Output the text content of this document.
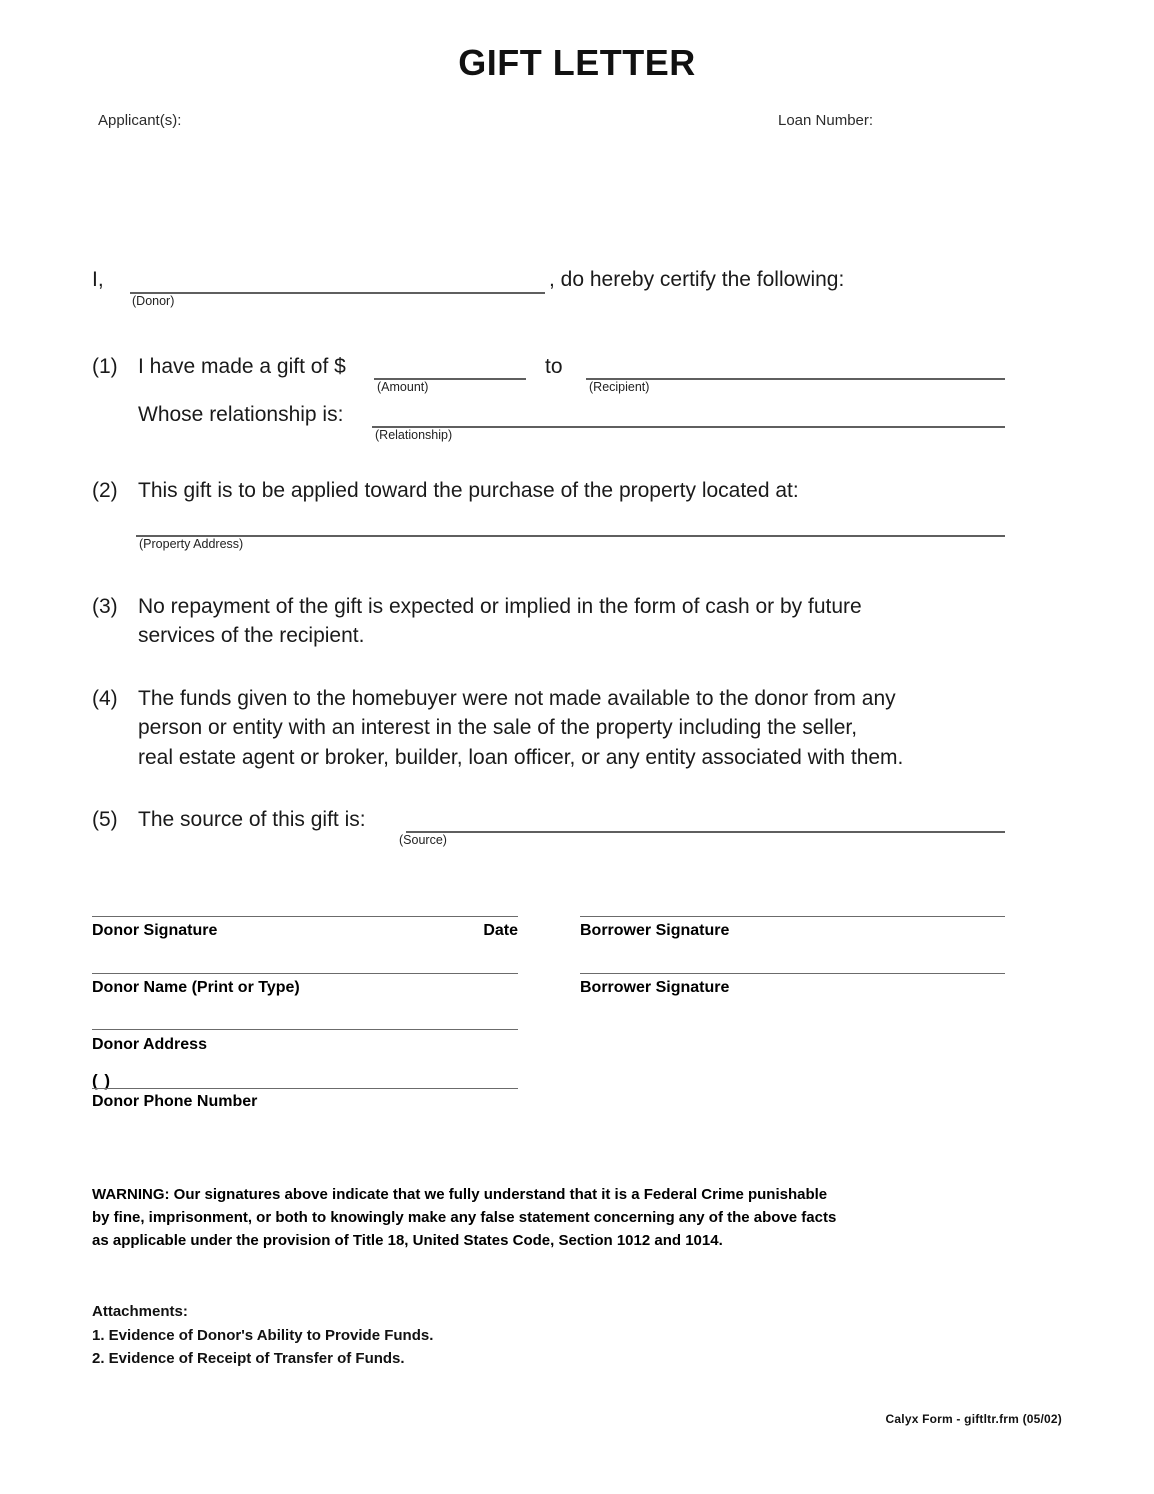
GIFT LETTER
Applicant(s):	Loan Number:
I,
(Donor)
, do hereby certify the following:
(1) I have made a gift of $
(Amount)
to
(Recipient)
Whose relationship is:
(Relationship)
(2) This gift is to be applied toward the purchase of the property located at:
(Property Address)
(3) No repayment of the gift is expected or implied in the form of cash or by future
services of the recipient.
(4) The funds given to the homebuyer were not made available to the donor from any
person or entity with an interest in the sale of the property including the seller,
real estate agent or broker, builder, loan officer, or any entity associated with them.
(5) The source of this gift is:
(Source)
Donor Signature	Date	Borrower Signature
Donor Name (Print or Type)	Borrower Signature
Donor Address
( )
Donor Phone Number
WARNING: Our signatures above indicate that we fully understand that it is a Federal Crime punishable
by fine, imprisonment, or both to knowingly make any false statement concerning any of the above facts
as applicable under the provision of Title 18, United States Code, Section 1012 and 1014.
Attachments:
1. Evidence of Donor's Ability to Provide Funds.
2. Evidence of Receipt of Transfer of Funds.
Calyx Form - giftltr.frm (05/02)
